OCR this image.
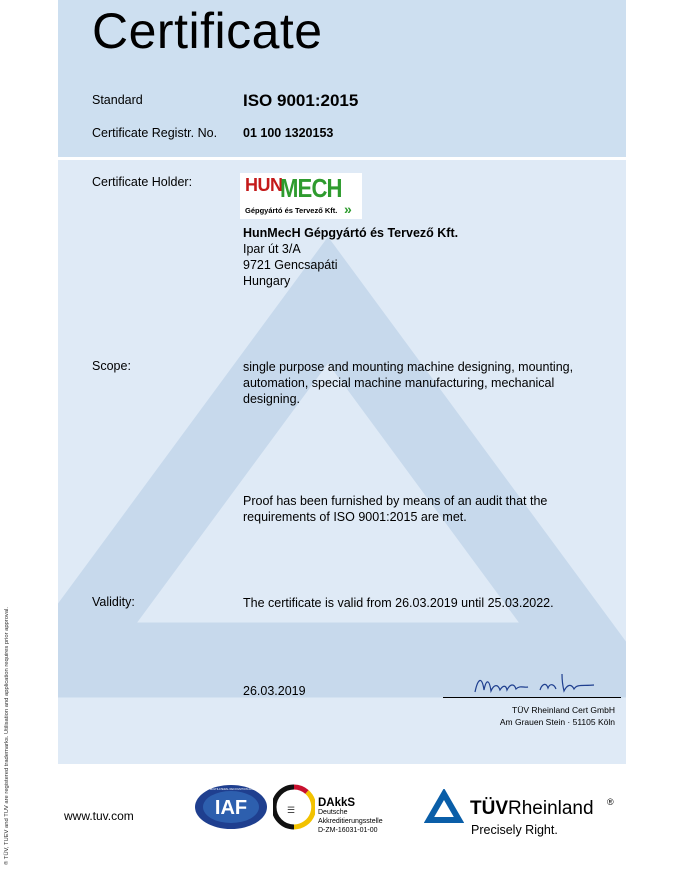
Certificate
Standard	ISO 9001:2015
Certificate Registr. No. 01 100 1320153
Certificate Holder:	HUN
MECH
Gépgyártó és Tervező Kft. »
HunMecH Gépgyártó és Tervező Kft.
Ipar út 3/A
9721 Gencsapáti
Hungary
Scope:	single purpose and mounting machine designing, mounting, automation, special machine manufacturing, mechanical designing.
Proof has been furnished by means of an audit that the requirements of ISO 9001:2015 are met.
Validity:	The certificate is valid from 26.03.2019 until 25.03.2022.
26.03.2019
TÜV Rheinland Cert GmbH
Am Grauen Stein · 51105 Köln
® TÜV, TUEV and TUV are registered trademarks. Utilisation and application requires prior approval.	www.tuv.com	IAF
MEMBER OF MULTILATERAL RECOGNITION ARRANGEMENT
☰
DAkkS
Deutsche
Akkreditierungsstelle
D-ZM-16031-01-00
TÜVRheinland ®
Precisely Right.
